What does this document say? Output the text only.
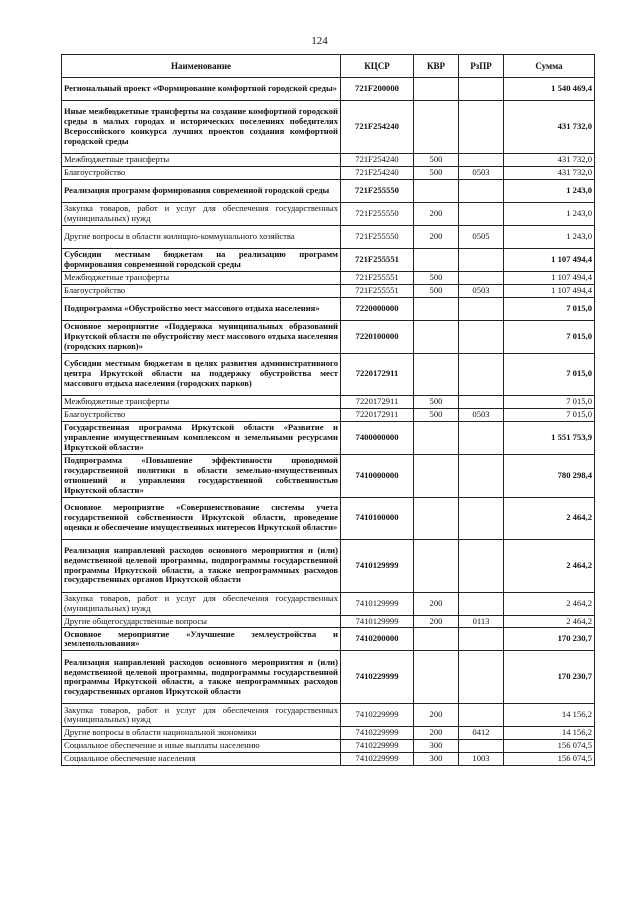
124
Наименование	КЦСР	КВР	РзПР	Сумма
Региональный проект «Формирование комфортной городской среды»	721F200000			1 540 469,4
Иные межбюджетные трансферты на создание комфортной городской среды в малых городах и исторических поселениях победителях Всероссийского конкурса лучших проектов создания комфортной городской среды	721F254240			431 732,0
Межбюджетные трансферты	721F254240	500		431 732,0
Благоустройство	721F254240	500	0503	431 732,0
Реализация программ формирования современной городской среды	721F255550			1 243,0
Закупка товаров, работ и услуг для обеспечения государственных (муниципальных) нужд	721F255550	200		1 243,0
Другие вопросы в области жилищно-коммунального хозяйства	721F255550	200	0505	1 243,0
Субсидии местным бюджетам на реализацию программ формирования современной городской среды	721F255551			1 107 494,4
Межбюджетные трансферты	721F255551	500		1 107 494,4
Благоустройство	721F255551	500	0503	1 107 494,4
Подпрограмма «Обустройство мест массового отдыха населения»	7220000000			7 015,0
Основное мероприятие «Поддержка муниципальных образований Иркутской области по обустройству мест массового отдыха населения (городских парков)»	7220100000			7 015,0
Субсидии местным бюджетам в целях развития административного центра Иркутской области на поддержку обустройства мест массового отдыха населения (городских парков)	7220172911			7 015,0
Межбюджетные трансферты	7220172911	500		7 015,0
Благоустройство	7220172911	500	0503	7 015,0
Государственная программа Иркутской области «Развитие и управление имущественным комплексом и земельными ресурсами Иркутской области»	7400000000			1 551 753,9
Подпрограмма «Повышение эффективности проводимой государственной политики в области земельно-имущественных отношений и управления государственной собственностью Иркутской области»	7410000000			780 298,4
Основное мероприятие «Совершенствование системы учета государственной собственности Иркутской области, проведение оценки и обеспечение имущественных интересов Иркутской области»	7410100000			2 464,2
Реализация направлений расходов основного мероприятия и (или) ведомственной целевой программы, подпрограммы государственной программы Иркутской области, а также непрограммных расходов государственных органов Иркутской области	7410129999			2 464,2
Закупка товаров, работ и услуг для обеспечения государственных (муниципальных) нужд	7410129999	200		2 464,2
Другие общегосударственные вопросы	7410129999	200	0113	2 464,2
Основное мероприятие «Улучшение землеустройства и землепользования»	7410200000			170 230,7
Реализация направлений расходов основного мероприятия и (или) ведомственной целевой программы, подпрограммы государственной программы Иркутской области, а также непрограммных расходов государственных органов Иркутской области	7410229999			170 230,7
Закупка товаров, работ и услуг для обеспечения государственных (муниципальных) нужд	7410229999	200		14 156,2
Другие вопросы в области национальной экономики	7410229999	200	0412	14 156,2
Социальное обеспечение и иные выплаты населению	7410229999	300		156 074,5
Социальное обеспечение населения	7410229999	300	1003	156 074,5
